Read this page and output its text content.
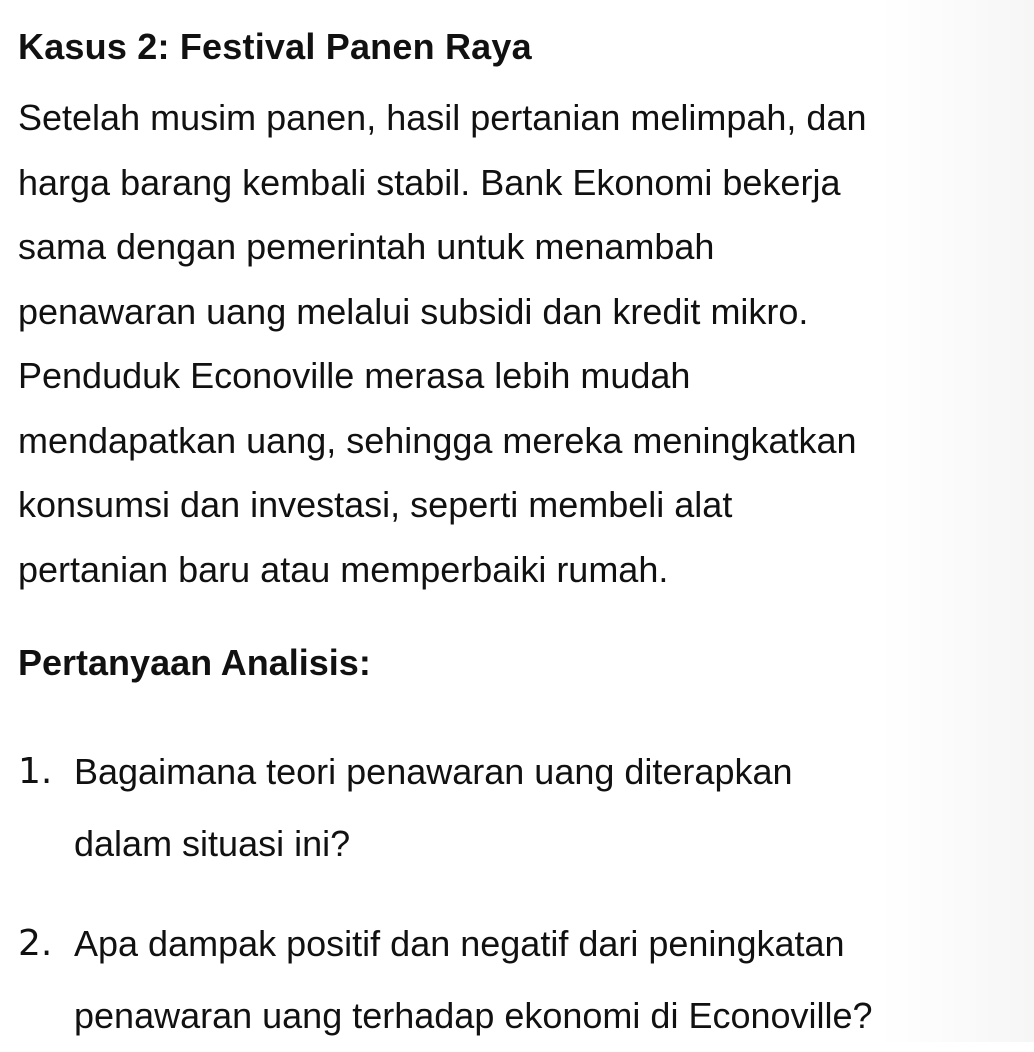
Kasus 2: Festival Panen Raya
Setelah musim panen, hasil pertanian melimpah, dan
harga barang kembali stabil. Bank Ekonomi bekerja
sama dengan pemerintah untuk menambah
penawaran uang melalui subsidi dan kredit mikro.
Penduduk Econoville merasa lebih mudah
mendapatkan uang, sehingga mereka meningkatkan
konsumsi dan investasi, seperti membeli alat
pertanian baru atau memperbaiki rumah.
Pertanyaan Analisis:
1. Bagaimana teori penawaran uang diterapkan
dalam situasi ini?
2. Apa dampak positif dan negatif dari peningkatan
penawaran uang terhadap ekonomi di Econoville?
